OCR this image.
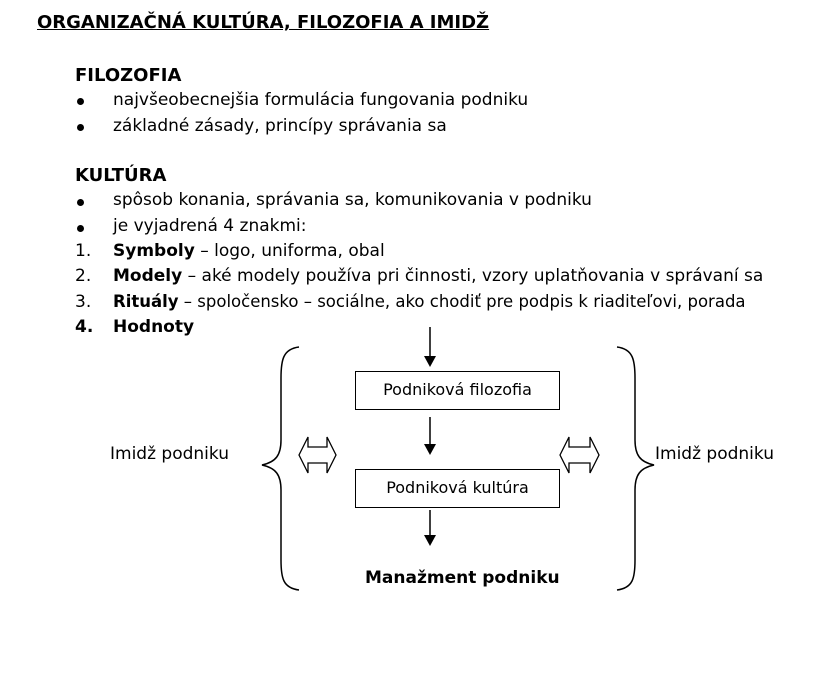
ORGANIZAČNÁ KULTÚRA, FILOZOFIA A IMIDŽ
FILOZOFIA
najvšeobecnejšia formulácia fungovania podniku
základné zásady, princípy správania sa
KULTÚRA
spôsob konania, správania sa, komunikovania v podniku
je vyjadrená 4 znakmi:
1. Symboly – logo, uniforma, obal
2. Modely – aké modely používa pri činnosti, vzory uplatňovania v správaní sa
3. Rituály – spoločensko – sociálne, ako chodiť pre podpis k riaditeľovi, porada
4. Hodnoty
Podniková filozofia
Podniková kultúra
Imidž podniku	Imidž podniku
Manažment podniku
